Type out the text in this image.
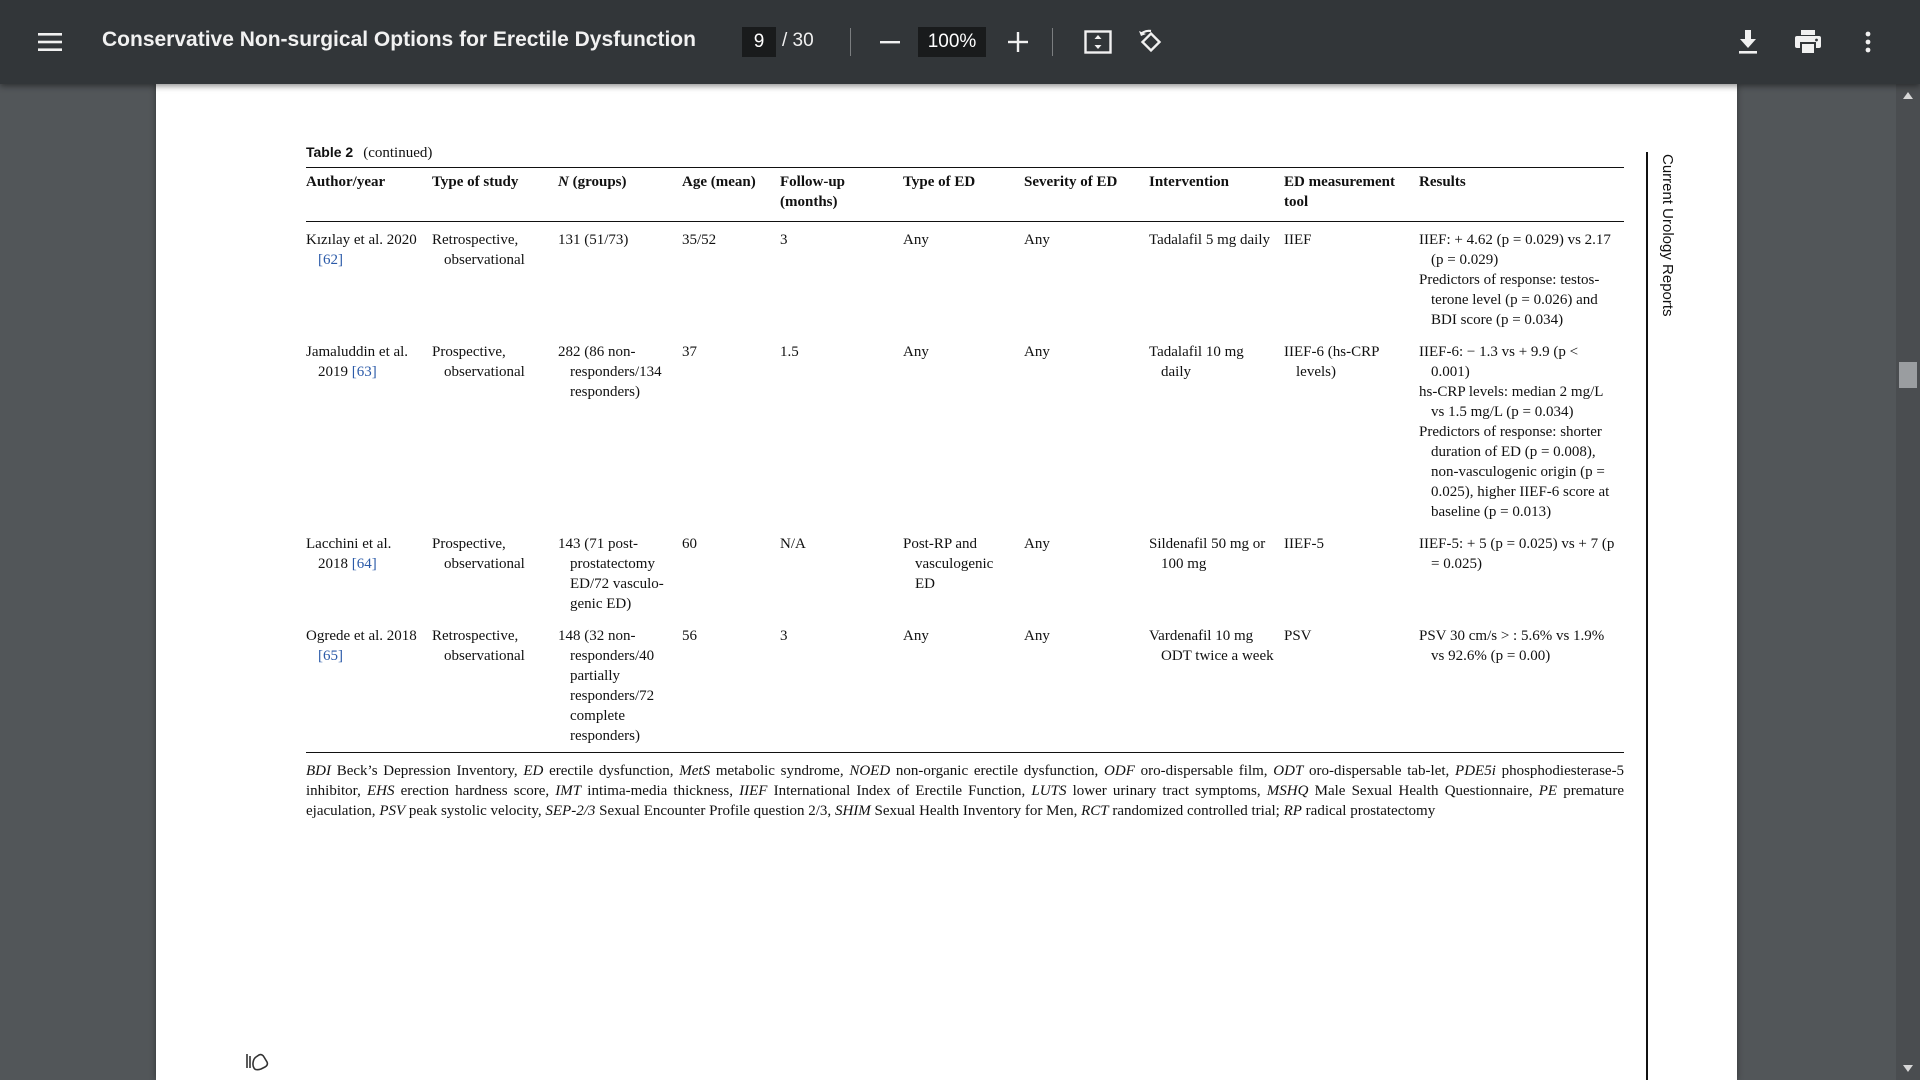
Conservative Non-surgical Options for Erectile Dysfunction	9 / 30	100%
Table 2 (continued)
Author/year	Type of study	N (groups)	Age (mean)	Follow-up (months)	Type of ED	Severity of ED	Intervention	ED measurement tool	Results
Kızılay et al. 2020 [62]	Retrospective, observational	131 (51/73)	35/52	3	Any	Any	Tadalafil 5 mg daily	IIEF	IIEF: + 4.62 (p = 0.029) vs 2.17 (p = 0.029)
Predictors of response: testos-terone level (p = 0.026) and BDI score (p = 0.034)

Jamaluddin et al. 2019 [63]	Prospective, observational	282 (86 non-responders/134 responders)	37	1.5	Any	Any	Tadalafil 10 mg daily	IIEF-6 (hs-CRP levels)	IIEF-6: − 1.3 vs + 9.9 (p < 0.001)
hs-CRP levels: median 2 mg/L vs 1.5 mg/L (p = 0.034)
Predictors of response: shorter duration of ED (p = 0.008), non-vasculogenic origin (p = 0.025), higher IIEF-6 score at baseline (p = 0.013)

Lacchini et al. 2018 [64]	Prospective, observational	143 (71 post-prostatectomy ED/72 vasculo-genic ED)	60	N/A	Post-RP and vasculogenic ED	Any	Sildenafil 50 mg or 100 mg	IIEF-5	IIEF-5: + 5 (p = 0.025) vs + 7 (p = 0.025)

Ogrede et al. 2018 [65]	Retrospective, observational	148 (32 non-responders/40 partially responders/72 complete responders)	56	3	Any	Any	Vardenafil 10 mg ODT twice a week	PSV	PSV 30 cm/s > : 5.6% vs 1.9% vs 92.6% (p = 0.00)
BDI Beck’s Depression Inventory, ED erectile dysfunction, MetS metabolic syndrome, NOED non-organic erectile dysfunction, ODF oro-dispersable film, ODT oro-dispersable tab-let, PDE5i phosphodiesterase-5 inhibitor, EHS erection hardness score, IMT intima-media thickness, IIEF International Index of Erectile Function, LUTS lower urinary tract symptoms, MSHQ Male Sexual Health Questionnaire, PE premature ejaculation, PSV peak systolic velocity, SEP-2/3 Sexual Encounter Profile question 2/3, SHIM Sexual Health Inventory for Men, RCT randomized controlled trial; RP radical prostatectomy
Current Urology Reports
